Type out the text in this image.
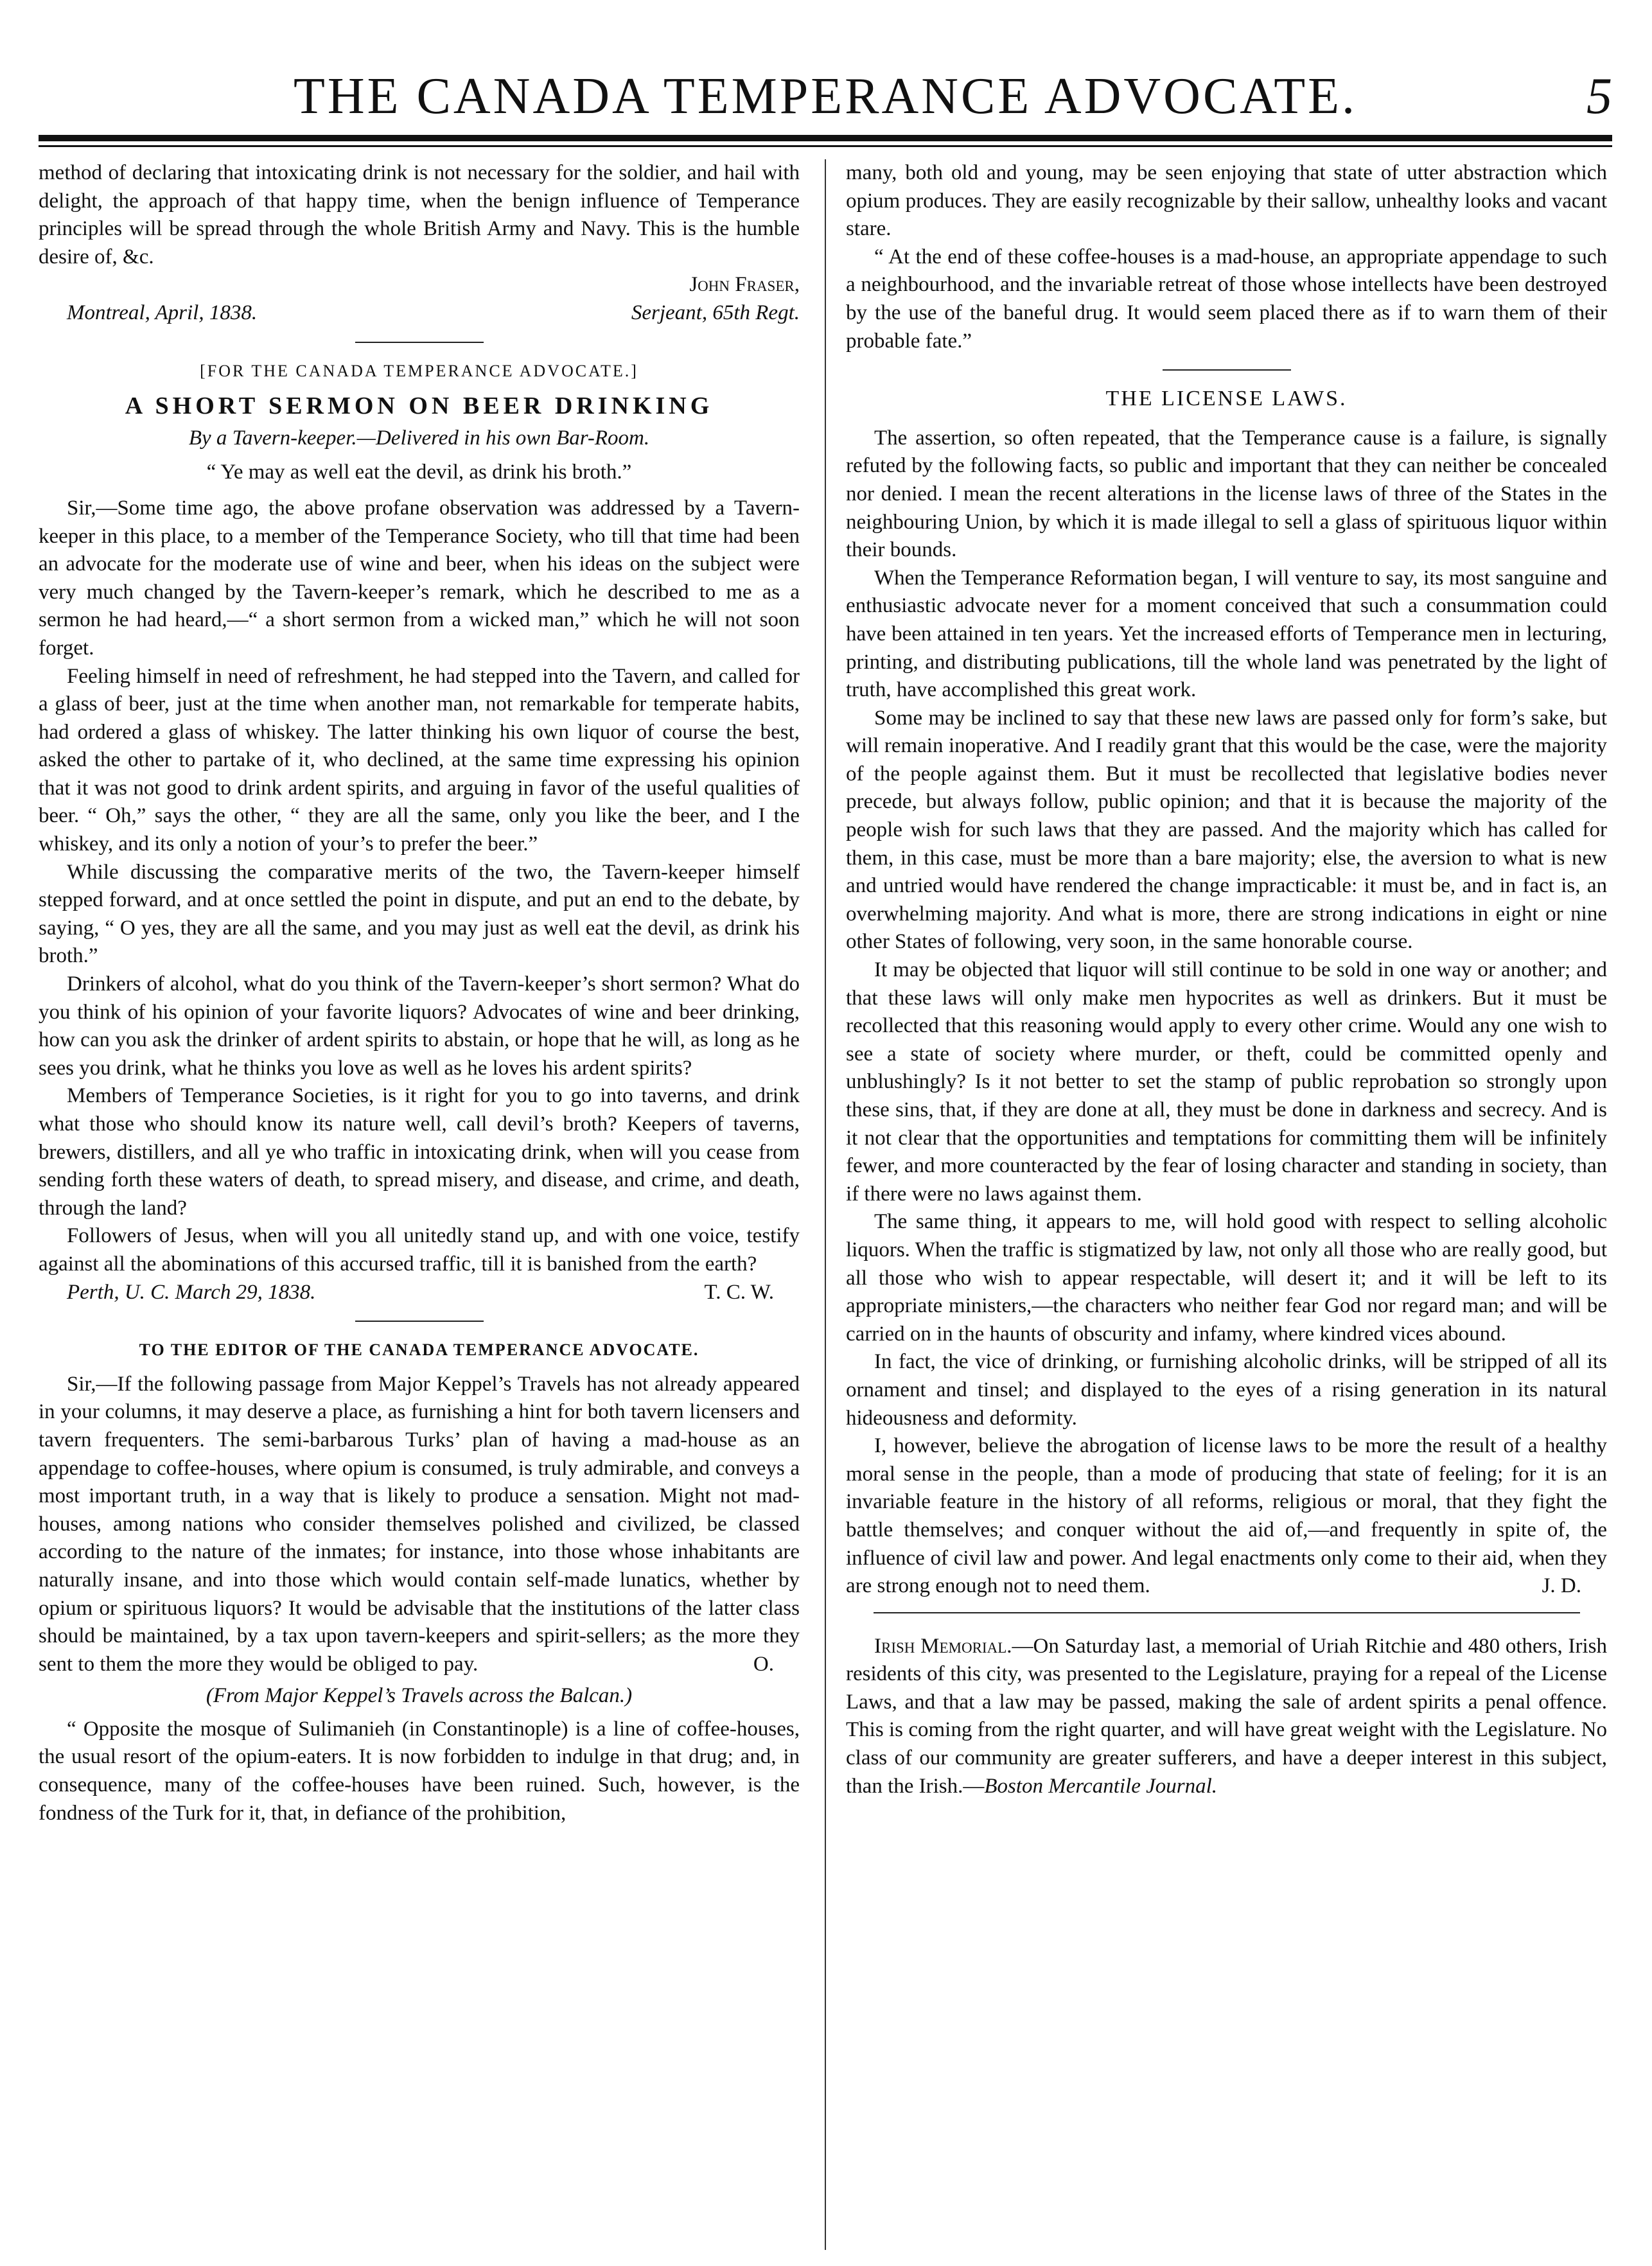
THE CANADA TEMPERANCE ADVOCATE.	5

method of declaring that intoxicating drink is not necessary for the soldier, and hail with delight, the approach of that happy time, when the benign influence of Temperance principles will be spread through the whole British Army and Navy. This is the humble desire of, &c.

John Fraser,
Montreal, April, 1838.	Serjeant, 65th Regt.

[FOR THE CANADA TEMPERANCE ADVOCATE.]

A SHORT SERMON ON BEER DRINKING

By a Tavern-keeper.—Delivered in his own Bar-Room.

“ Ye may as well eat the devil, as drink his broth.”

Sir,—Some time ago, the above profane observation was addressed by a Tavern-keeper in this place, to a member of the Temperance Society, who till that time had been an advocate for the moderate use of wine and beer, when his ideas on the subject were very much changed by the Tavern-keeper’s remark, which he described to me as a sermon he had heard,—“ a short sermon from a wicked man,” which he will not soon forget.

Feeling himself in need of refreshment, he had stepped into the Tavern, and called for a glass of beer, just at the time when another man, not remarkable for temperate habits, had ordered a glass of whiskey. The latter thinking his own liquor of course the best, asked the other to partake of it, who declined, at the same time expressing his opinion that it was not good to drink ardent spirits, and arguing in favor of the useful qualities of beer. “ Oh,” says the other, “ they are all the same, only you like the beer, and I the whiskey, and its only a notion of your’s to prefer the beer.”

While discussing the comparative merits of the two, the Tavern-keeper himself stepped forward, and at once settled the point in dispute, and put an end to the debate, by saying, “ O yes, they are all the same, and you may just as well eat the devil, as drink his broth.”

Drinkers of alcohol, what do you think of the Tavern-keeper’s short sermon? What do you think of his opinion of your favorite liquors? Advocates of wine and beer drinking, how can you ask the drinker of ardent spirits to abstain, or hope that he will, as long as he sees you drink, what he thinks you love as well as he loves his ardent spirits?

Members of Temperance Societies, is it right for you to go into taverns, and drink what those who should know its nature well, call devil’s broth? Keepers of taverns, brewers, distillers, and all ye who traffic in intoxicating drink, when will you cease from sending forth these waters of death, to spread misery, and disease, and crime, and death, through the land?

Followers of Jesus, when will you all unitedly stand up, and with one voice, testify against all the abominations of this accursed traffic, till it is banished from the earth?
T. C. W.

Perth, U. C. March 29, 1838.

TO THE EDITOR OF THE CANADA TEMPERANCE ADVOCATE.

Sir,—If the following passage from Major Keppel’s Travels has not already appeared in your columns, it may deserve a place, as furnishing a hint for both tavern licensers and tavern frequenters. The semi-barbarous Turks’ plan of having a mad-house as an appendage to coffee-houses, where opium is consumed, is truly admirable, and conveys a most important truth, in a way that is likely to produce a sensation. Might not mad-houses, among nations who consider themselves polished and civilized, be classed according to the nature of the inmates; for instance, into those whose inhabitants are naturally insane, and into those which would contain self-made lunatics, whether by opium or spirituous liquors? It would be advisable that the institutions of the latter class should be maintained, by a tax upon tavern-keepers and spirit-sellers; as the more they sent to them the more they would be obliged to pay.	O.

(From Major Keppel’s Travels across the Balcan.)

“ Opposite the mosque of Sulimanieh (in Constantinople) is a line of coffee-houses, the usual resort of the opium-eaters. It is now forbidden to indulge in that drug; and, in consequence, many of the coffee-houses have been ruined. Such, however, is the fondness of the Turk for it, that, in defiance of the prohibition,

many, both old and young, may be seen enjoying that state of utter abstraction which opium produces. They are easily recognizable by their sallow, unhealthy looks and vacant stare.

“ At the end of these coffee-houses is a mad-house, an appropriate appendage to such a neighbourhood, and the invariable retreat of those whose intellects have been destroyed by the use of the baneful drug. It would seem placed there as if to warn them of their probable fate.”

THE LICENSE LAWS.

The assertion, so often repeated, that the Temperance cause is a failure, is signally refuted by the following facts, so public and important that they can neither be concealed nor denied. I mean the recent alterations in the license laws of three of the States in the neighbouring Union, by which it is made illegal to sell a glass of spirituous liquor within their bounds.

When the Temperance Reformation began, I will venture to say, its most sanguine and enthusiastic advocate never for a moment conceived that such a consummation could have been attained in ten years. Yet the increased efforts of Temperance men in lecturing, printing, and distributing publications, till the whole land was penetrated by the light of truth, have accomplished this great work.

Some may be inclined to say that these new laws are passed only for form’s sake, but will remain inoperative. And I readily grant that this would be the case, were the majority of the people against them. But it must be recollected that legislative bodies never precede, but always follow, public opinion; and that it is because the majority of the people wish for such laws that they are passed. And the majority which has called for them, in this case, must be more than a bare majority; else, the aversion to what is new and untried would have rendered the change impracticable: it must be, and in fact is, an overwhelming majority. And what is more, there are strong indications in eight or nine other States of following, very soon, in the same honorable course.

It may be objected that liquor will still continue to be sold in one way or another; and that these laws will only make men hypocrites as well as drinkers. But it must be recollected that this reasoning would apply to every other crime. Would any one wish to see a state of society where murder, or theft, could be committed openly and unblushingly? Is it not better to set the stamp of public reprobation so strongly upon these sins, that, if they are done at all, they must be done in darkness and secrecy. And is it not clear that the opportunities and temptations for committing them will be infinitely fewer, and more counteracted by the fear of losing character and standing in society, than if there were no laws against them.

The same thing, it appears to me, will hold good with respect to selling alcoholic liquors. When the traffic is stigmatized by law, not only all those who are really good, but all those who wish to appear respectable, will desert it; and it will be left to its appropriate ministers,—the characters who neither fear God nor regard man; and will be carried on in the haunts of obscurity and infamy, where kindred vices abound.

In fact, the vice of drinking, or furnishing alcoholic drinks, will be stripped of all its ornament and tinsel; and displayed to the eyes of a rising generation in its natural hideousness and deformity.

I, however, believe the abrogation of license laws to be more the result of a healthy moral sense in the people, than a mode of producing that state of feeling; for it is an invariable feature in the history of all reforms, religious or moral, that they fight the battle themselves; and conquer without the aid of,—and frequently in spite of, the influence of civil law and power. And legal enactments only come to their aid, when they are strong enough not to need them.	J. D.

Irish Memorial.—On Saturday last, a memorial of Uriah Ritchie and 480 others, Irish residents of this city, was presented to the Legislature, praying for a repeal of the License Laws, and that a law may be passed, making the sale of ardent spirits a penal offence. This is coming from the right quarter, and will have great weight with the Legislature. No class of our community are greater sufferers, and have a deeper interest in this subject, than the Irish.—Boston Mercantile Journal.
